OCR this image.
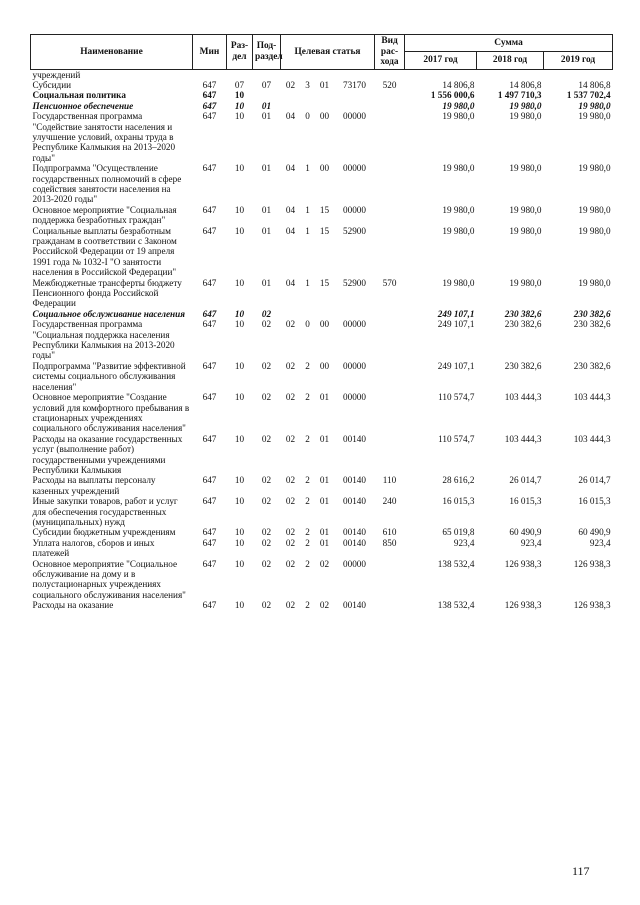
Наименование	Мин	Раз-дел	Под-раздел	Целевая статья				Вид рас-хода	Сумма		
									2017 год	2018 год	2019 год
учреждений											
Субсидии	647	07	07	02	3	01	73170	520	14 806,8	14 806,8	14 806,8
Социальная политика	647	10							1 556 000,6	1 497 710,3	1 537 702,4
Пенсионное обеспечение	647	10	01						19 980,0	19 980,0	19 980,0
Государственная программа "Содействие занятости населения и улучшение условий, охраны труда в Республике Калмыкия на 2013–2020 годы"	647	10	01	04	0	00	00000		19 980,0	19 980,0	19 980,0
Подпрограмма "Осуществление государственных полномочий в сфере содействия занятости населения на 2013-2020 годы"	647	10	01	04	1	00	00000		19 980,0	19 980,0	19 980,0
Основное мероприятие "Социальная поддержка безработных граждан"	647	10	01	04	1	15	00000		19 980,0	19 980,0	19 980,0
Социальные выплаты безработным гражданам в соответствии с Законом Российской Федерации от 19 апреля 1991 года № 1032-I "О занятости населения в Российской Федерации"	647	10	01	04	1	15	52900		19 980,0	19 980,0	19 980,0
Межбюджетные трансферты бюджету Пенсионного фонда Российской Федерации	647	10	01	04	1	15	52900	570	19 980,0	19 980,0	19 980,0
Социальное обслуживание населения	647	10	02						249 107,1	230 382,6	230 382,6
Государственная программа "Социальная поддержка населения Республики Калмыкия на 2013-2020 годы"	647	10	02	02	0	00	00000		249 107,1	230 382,6	230 382,6
Подпрограмма "Развитие эффективной системы социального обслуживания населения"	647	10	02	02	2	00	00000		249 107,1	230 382,6	230 382,6
Основное мероприятие "Создание условий для комфортного пребывания в стационарных учреждениях социального обслуживания населения"	647	10	02	02	2	01	00000		110 574,7	103 444,3	103 444,3
Расходы на оказание государственных услуг (выполнение работ) государственными учреждениями Республики Калмыкия	647	10	02	02	2	01	00140		110 574,7	103 444,3	103 444,3
Расходы на выплаты персоналу казенных учреждений	647	10	02	02	2	01	00140	110	28 616,2	26 014,7	26 014,7
Иные закупки товаров, работ и услуг для обеспечения государственных (муниципальных) нужд	647	10	02	02	2	01	00140	240	16 015,3	16 015,3	16 015,3
Субсидии бюджетным учреждениям	647	10	02	02	2	01	00140	610	65 019,8	60 490,9	60 490,9
Уплата налогов, сборов и иных платежей	647	10	02	02	2	01	00140	850	923,4	923,4	923,4
Основное мероприятие "Социальное обслуживание на дому и в полустационарных учреждениях социального обслуживания населения"	647	10	02	02	2	02	00000		138 532,4	126 938,3	126 938,3
Расходы на оказание	647	10	02	02	2	02	00140		138 532,4	126 938,3	126 938,3
117
